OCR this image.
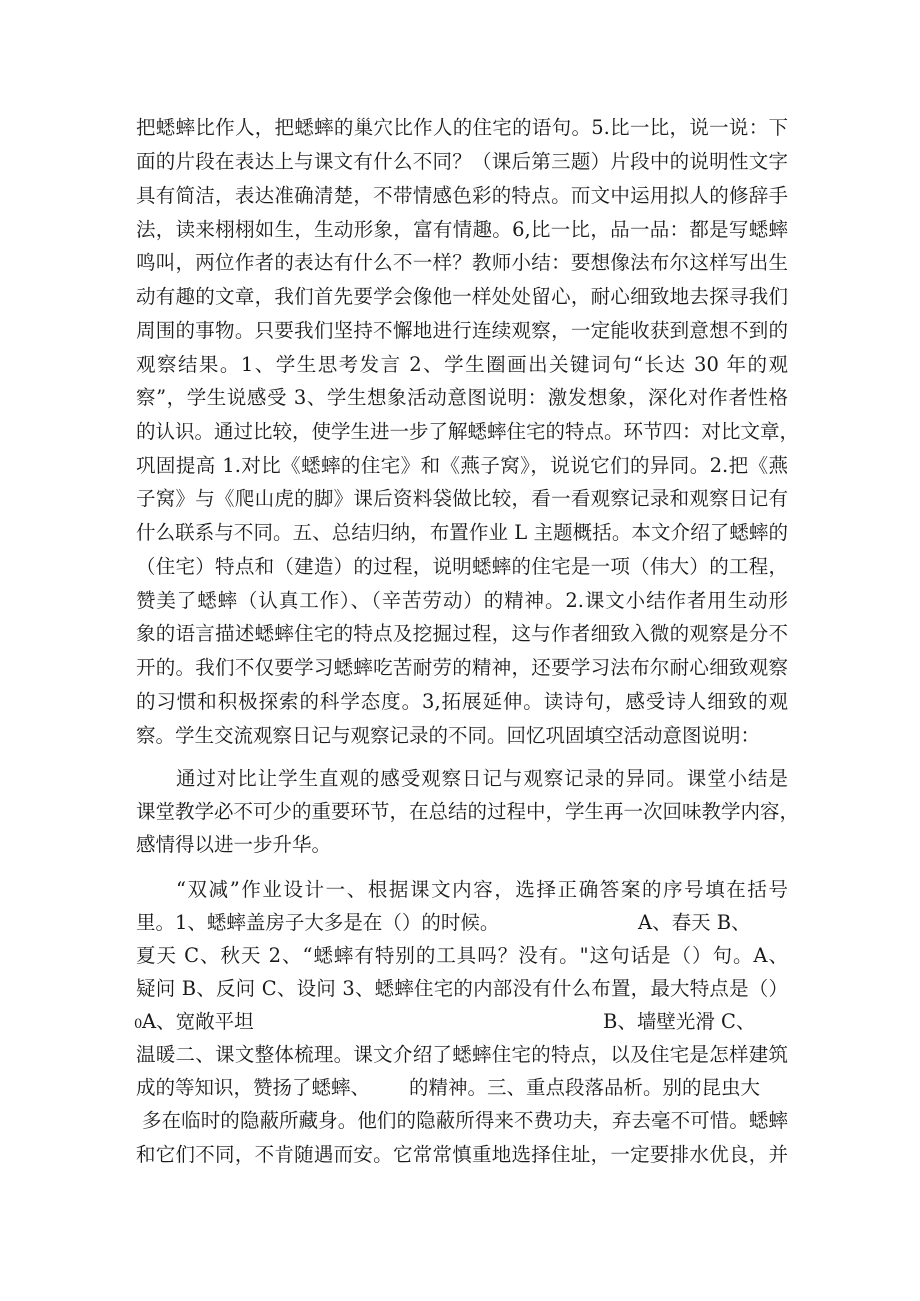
把蟋蟀比作人，把蟋蟀的巢穴比作人的住宅的语句。5.比一比，说一说：下
面的片段在表达上与课文有什么不同？（课后第三题）片段中的说明性文字
具有简洁，表达准确清楚，不带情感色彩的特点。而文中运用拟人的修辞手
法，读来栩栩如生，生动形象，富有情趣。6,比一比，品一品：都是写蟋蟀
鸣叫，两位作者的表达有什么不一样？教师小结：要想像法布尔这样写出生
动有趣的文章，我们首先要学会像他一样处处留心，耐心细致地去探寻我们
周围的事物。只要我们坚持不懈地进行连续观察，一定能收获到意想不到的
观察结果。1、学生思考发言 2、学生圈画出关键词句“长达 30 年的观
察”，学生说感受 3、学生想象活动意图说明：激发想象，深化对作者性格
的认识。通过比较，使学生进一步了解蟋蟀住宅的特点。环节四：对比文章，
巩固提高 1.对比《蟋蟀的住宅》和《燕子窝》，说说它们的异同。2.把《燕
子窝》与《爬山虎的脚》课后资料袋做比较，看一看观察记录和观察日记有
什么联系与不同。五、总结归纳，布置作业 L 主题概括。本文介绍了蟋蟀的
（住宅）特点和（建造）的过程，说明蟋蟀的住宅是一项（伟大）的工程，
赞美了蟋蟀（认真工作）、（辛苦劳动）的精神。2.课文小结作者用生动形
象的语言描述蟋蟀住宅的特点及挖掘过程，这与作者细致入微的观察是分不
开的。我们不仅要学习蟋蟀吃苦耐劳的精神，还要学习法布尔耐心细致观察
的习惯和积极探索的科学态度。3,拓展延伸。读诗句，感受诗人细致的观
察。学生交流观察日记与观察记录的不同。回忆巩固填空活动意图说明：
通过对比让学生直观的感受观察日记与观察记录的异同。课堂小结是
课堂教学必不可少的重要环节，在总结的过程中，学生再一次回味教学内容，
感情得以进一步升华。
“双减”作业设计一、根据课文内容，选择正确答案的序号填在括号
里。1、蟋蟀盖房子大多是在（）的时候。	A、春天 B、
夏天 C、秋天 2、“蟋蟀有特别的工具吗？没有。"这句话是（）句。A、
疑问 B、反问 C、设问 3、蟋蟀住宅的内部没有什么布置，最大特点是（）
0 A、宽敞平坦	B、墙壁光滑 C、
温暖二、课文整体梳理。课文介绍了蟋蟀住宅的特点，以及住宅是怎样建筑
成的等知识，赞扬了蟋蟀、 的精神。三、重点段落品析。别的昆虫大
多在临时的隐蔽所藏身。他们的隐蔽所得来不费功夫，弃去毫不可惜。蟋蟀
和它们不同，不肯随遇而安。它常常慎重地选择住址，一定要排水优良，并
